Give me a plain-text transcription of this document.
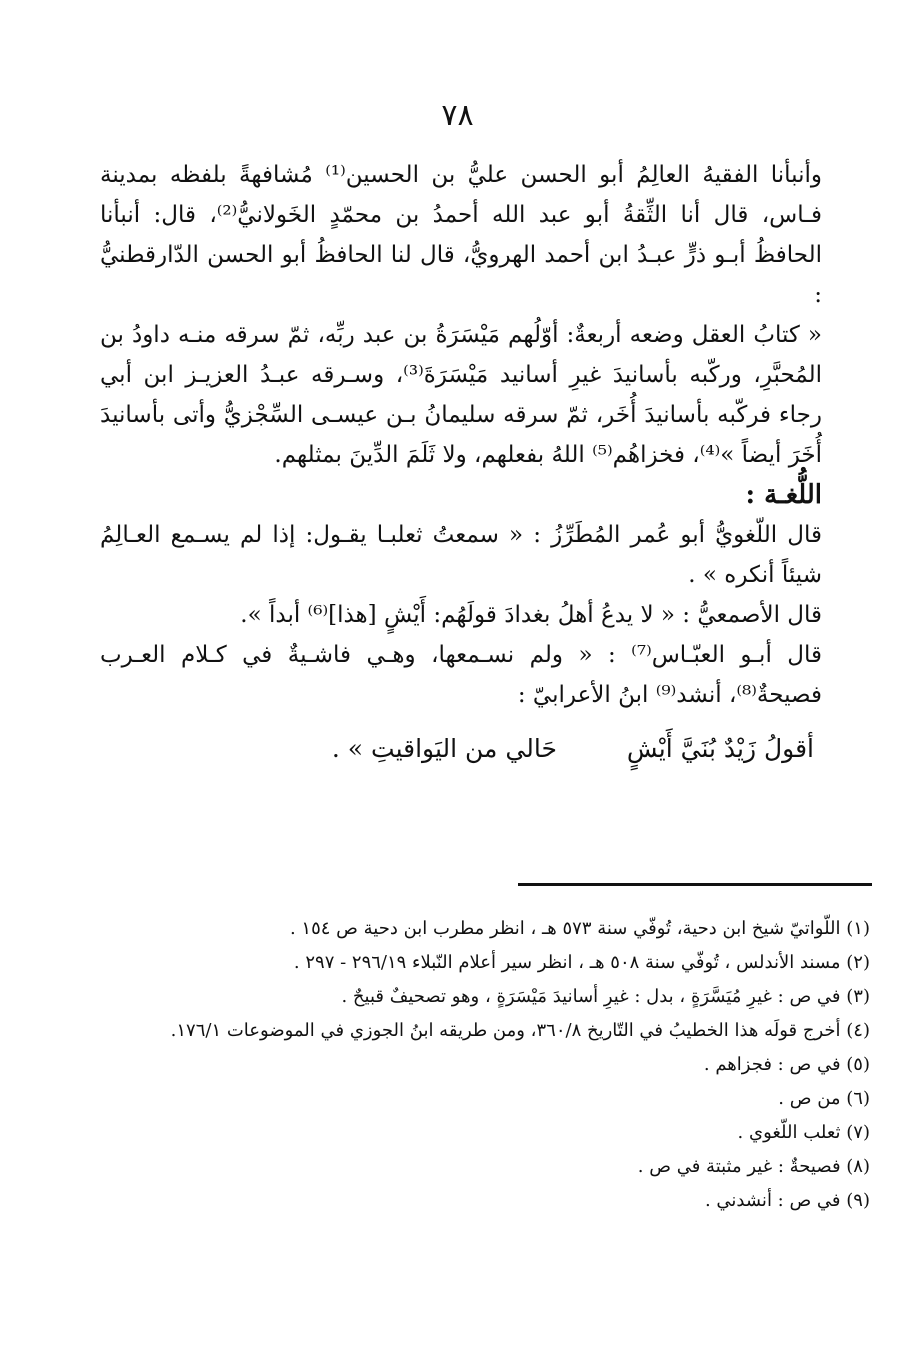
٧٨

وأنبأنا الفقيهُ العالِمُ أبو الحسن عليُّ بن الحسين⁽¹⁾ مُشافهةً بلفظه بمدينة فـاس، قال أنا الثِّقةُ أبو عبد الله أحمدُ بن محمّدٍ الخَولانيُّ⁽²⁾، قال: أنبأنا الحافظُ أبـو ذرٍّ عبـدُ ابن أحمد الهرويُّ، قال لنا الحافظُ أبو الحسن الدّارقطنيُّ :

« كتابُ العقل وضعه أربعةٌ: أوّلُهم مَيْسَرَةُ بن عبد ربِّه، ثمّ سرقه منـه داودُ بن المُحبَّرِ، وركّبه بأسانيدَ غيرِ أسانيد مَيْسَرَةَ⁽³⁾، وسـرقه عبـدُ العزيـز ابن أبي رجاء فركّبه بأسانيدَ أُخَر، ثمّ سرقه سليمانُ بـن عيسـى السِّجْزيُّ وأتى بأسانيدَ أُخَرَ أيضاً »⁽⁴⁾، فخزاهُم⁽⁵⁾ اللهُ بفعلهم، ولا ثَلَمَ الدِّينَ بمثلهم.

اللُّغـة :

قال اللّغويُّ أبو عُمر المُطَرِّزُ : « سمعتُ ثعلبـا يقـول: إذا لم يسـمع العـالِمُ شيئاً أنكره » .

قال الأصمعيُّ : « لا يدعُ أهلُ بغدادَ قولَهُم: أَيْشٍ [هذا]⁽⁶⁾ أبداً ».

قال أبـو العبّـاس⁽⁷⁾ : « ولم نسـمعها، وهـي فاشـيةٌ في كـلام العـرب فصيحةٌ⁽⁸⁾، أنشد⁽⁹⁾ ابنُ الأعرابيّ :

أقولُ زَيْدٌ بُنَيَّ أَيْشٍ
حَالي من اليَواقيتِ » .
(١) اللّواتيّ شيخ ابن دحية، تُوفّي سنة ٥٧٣ هـ ، انظر مطرب ابن دحية ص ١٥٤ .
(٢) مسند الأندلس ، تُوفّي سنة ٥٠٨ هـ ، انظر سير أعلام النّبلاء ٢٩٦/١٩ - ٢٩٧ .
(٣) في ص : غيرِ مُيَسَّرَةٍ ، بدل : غيرِ أسانيدَ مَيْسَرَةٍ ، وهو تصحيفٌ قبيحٌ .
(٤) أخرج قولَه هذا الخطيبُ في التّاريخ ٣٦٠/٨، ومن طريقه ابنُ الجوزي في الموضوعات ١٧٦/١.
(٥) في ص : فجزاهم .
(٦) من ص .
(٧) ثعلب اللّغوي .
(٨) فصيحةٌ : غير مثبتة في ص .
(٩) في ص : أنشدني .
